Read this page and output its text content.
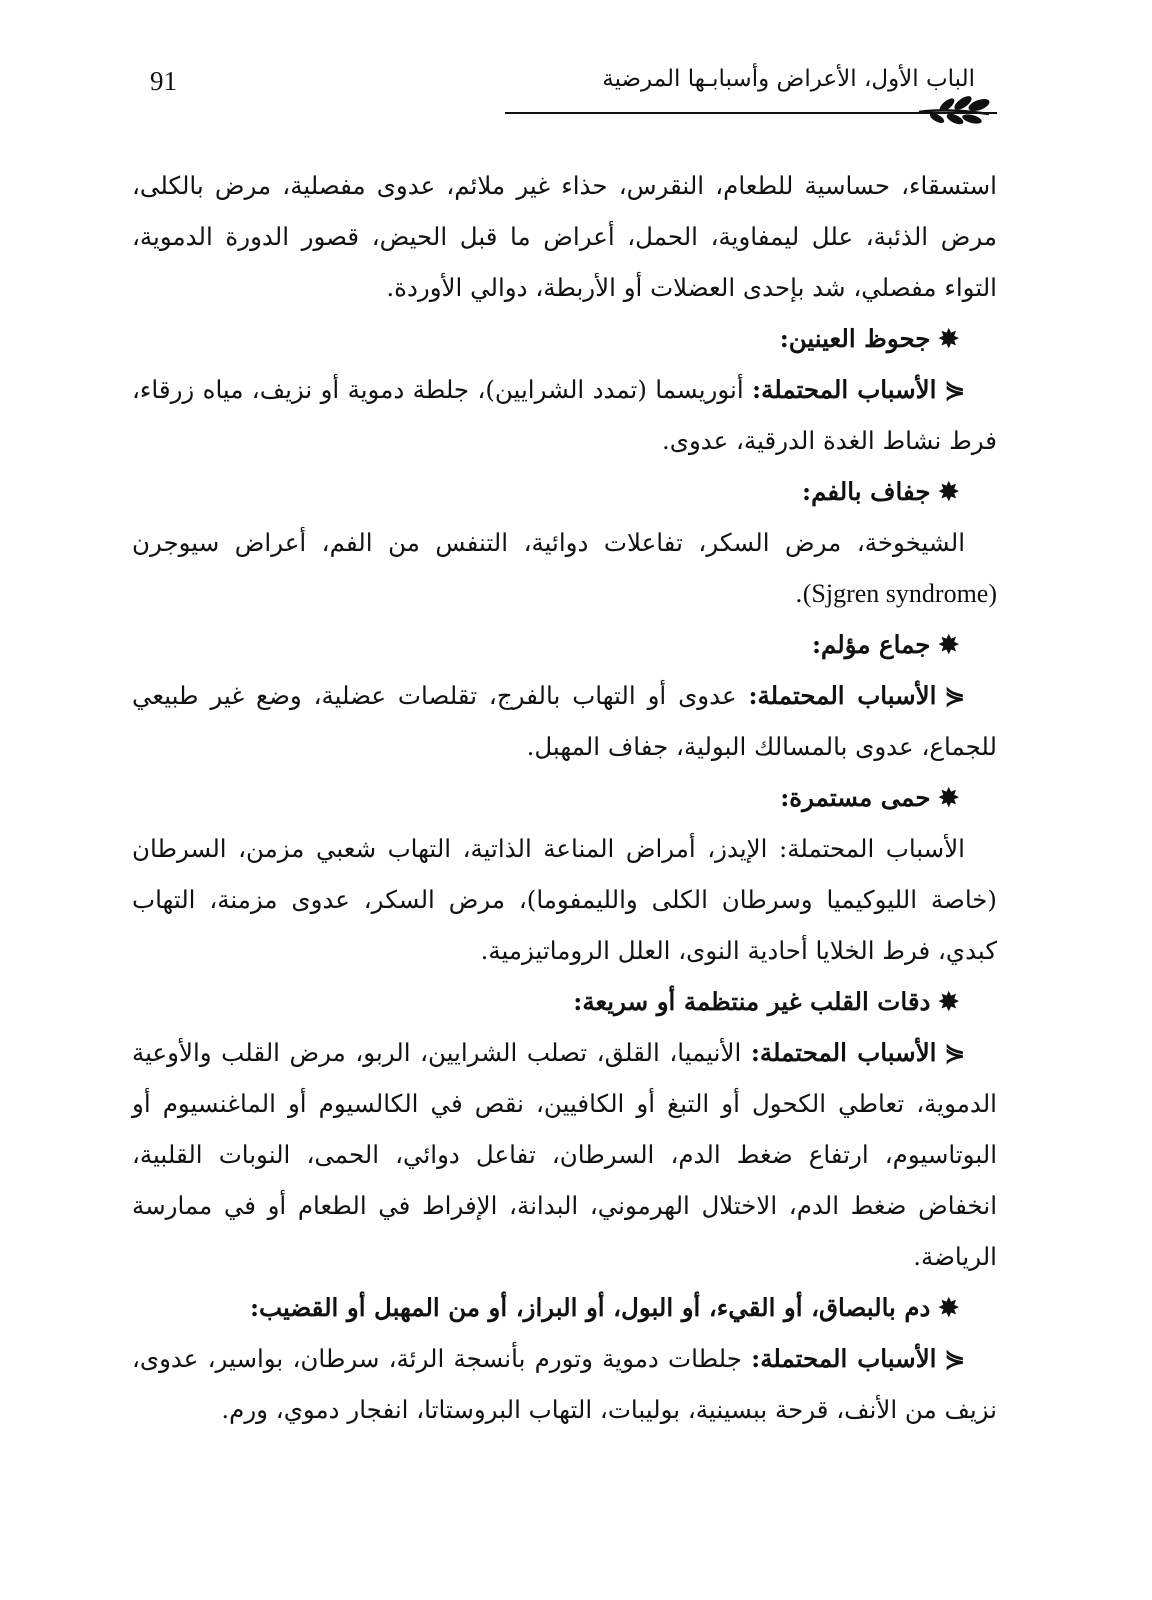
91	الباب الأول، الأعراض وأسبابـها المرضية

استسقاء، حساسية للطعام، النقرس، حذاء غير ملائم، عدوى مفصلية، مرض بالكلى، مرض الذئبة، علل ليمفاوية، الحمل، أعراض ما قبل الحيض، قصور الدورة الدموية، التواء مفصلي، شد بإحدى العضلات أو الأربطة، دوالي الأوردة.

✸جحوظ العينين:

⋞الأسباب المحتملة: أنوريسما (تمدد الشرايين)، جلطة دموية أو نزيف، مياه زرقاء، فرط نشاط الغدة الدرقية، عدوى.

✸جفاف بالفم:

الشيخوخة، مرض السكر، تفاعلات دوائية، التنفس من الفم، أعراض سيوجرن (Sjgren syndrome).

✸جماع مؤلم:

⋞الأسباب المحتملة: عدوى أو التهاب بالفرج، تقلصات عضلية، وضع غير طبيعي للجماع، عدوى بالمسالك البولية، جفاف المهبل.

✸حمى مستمرة:

الأسباب المحتملة: الإيدز، أمراض المناعة الذاتية، التهاب شعبي مزمن، السرطان (خاصة الليوكيميا وسرطان الكلى والليمفوما)، مرض السكر، عدوى مزمنة، التهاب كبدي، فرط الخلايا أحادية النوى، العلل الروماتيزمية.

✸دقات القلب غير منتظمة أو سريعة:

⋞الأسباب المحتملة: الأنيميا، القلق، تصلب الشرايين، الربو، مرض القلب والأوعية الدموية، تعاطي الكحول أو التبغ أو الكافيين، نقص في الكالسيوم أو الماغنسيوم أو البوتاسيوم، ارتفاع ضغط الدم، السرطان، تفاعل دوائي، الحمى، النوبات القلبية، انخفاض ضغط الدم، الاختلال الهرموني، البدانة، الإفراط في الطعام أو في ممارسة الرياضة.

✸دم بالبصاق، أو القيء، أو البول، أو البراز، أو من المهبل أو القضيب:

⋞الأسباب المحتملة: جلطات دموية وتورم بأنسجة الرئة، سرطان، بواسير، عدوى، نزيف من الأنف، قرحة ببسينية، بوليبات، التهاب البروستاتا، انفجار دموي، ورم.
